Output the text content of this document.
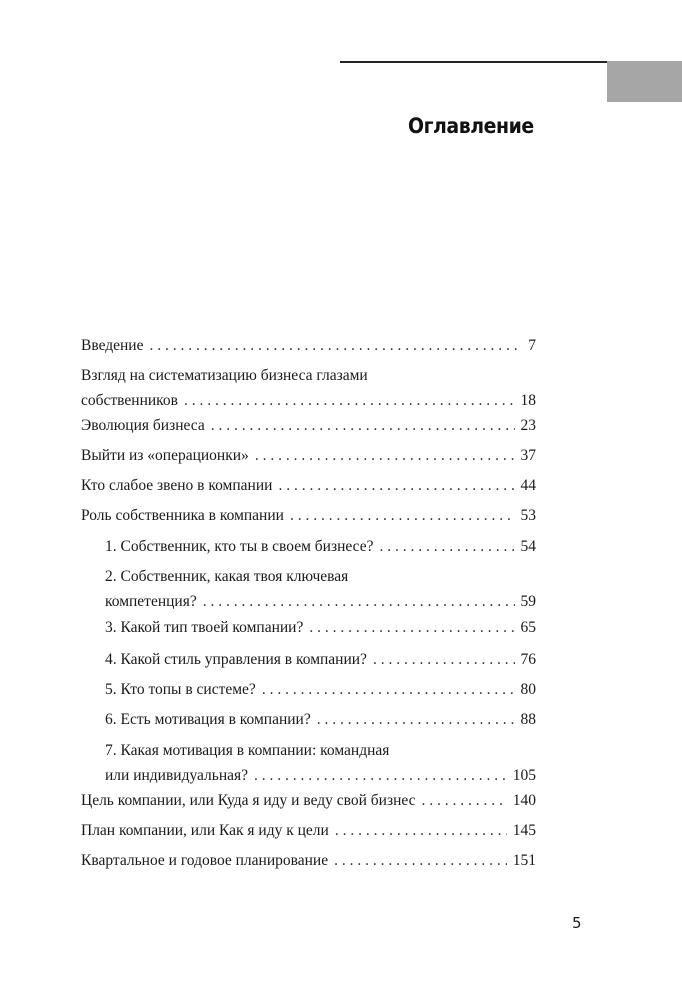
Оглавление
Введение . . .	7
Взгляд на систематизацию бизнеса глазами
собственников . . .	18
Эволюция бизнеса . . .	23
Выйти из «операционки» . . .	37
Кто слабое звено в компании . . .	44
Роль собственника в компании . . .	53
1. Собственник, кто ты в своем бизнесе? . . .	54
2. Собственник, какая твоя ключевая
компетенция? . . .	59
3. Какой тип твоей компании? . . .	65
4. Какой стиль управления в компании? . . .	76
5. Кто топы в системе? . . .	80
6. Есть мотивация в компании? . . .	88
7. Какая мотивация в компании: командная
или индивидуальная? . . .	105
Цель компании, или Куда я иду и веду свой бизнес . . .	140
План компании, или Как я иду к цели . . .	145
Квартальное и годовое планирование . . .	151
5
